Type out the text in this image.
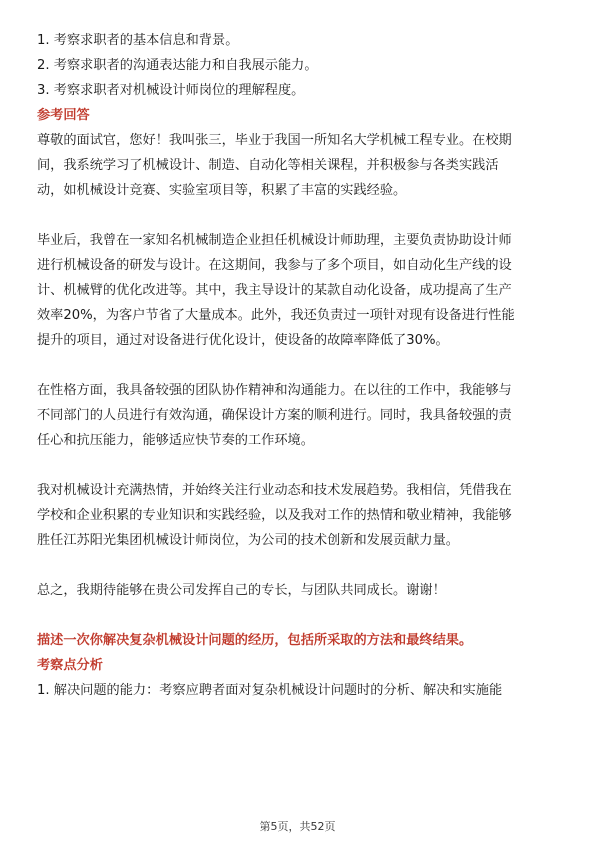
1. 考察求职者的基本信息和背景。
2. 考察求职者的沟通表达能力和自我展示能力。
3. 考察求职者对机械设计师岗位的理解程度。
参考回答
尊敬的面试官，您好！我叫张三，毕业于我国一所知名大学机械工程专业。在校期
间，我系统学习了机械设计、制造、自动化等相关课程，并积极参与各类实践活
动，如机械设计竞赛、实验室项目等，积累了丰富的实践经验。
毕业后，我曾在一家知名机械制造企业担任机械设计师助理，主要负责协助设计师
进行机械设备的研发与设计。在这期间，我参与了多个项目，如自动化生产线的设
计、机械臂的优化改进等。其中，我主导设计的某款自动化设备，成功提高了生产
效率20%，为客户节省了大量成本。此外，我还负责过一项针对现有设备进行性能
提升的项目，通过对设备进行优化设计，使设备的故障率降低了30%。
在性格方面，我具备较强的团队协作精神和沟通能力。在以往的工作中，我能够与
不同部门的人员进行有效沟通，确保设计方案的顺利进行。同时，我具备较强的责
任心和抗压能力，能够适应快节奏的工作环境。
我对机械设计充满热情，并始终关注行业动态和技术发展趋势。我相信，凭借我在
学校和企业积累的专业知识和实践经验，以及我对工作的热情和敬业精神，我能够
胜任江苏阳光集团机械设计师岗位，为公司的技术创新和发展贡献力量。
总之，我期待能够在贵公司发挥自己的专长，与团队共同成长。谢谢！
描述一次你解决复杂机械设计问题的经历，包括所采取的方法和最终结果。
考察点分析
1. 解决问题的能力：考察应聘者面对复杂机械设计问题时的分析、解决和实施能
第5页，共52页
